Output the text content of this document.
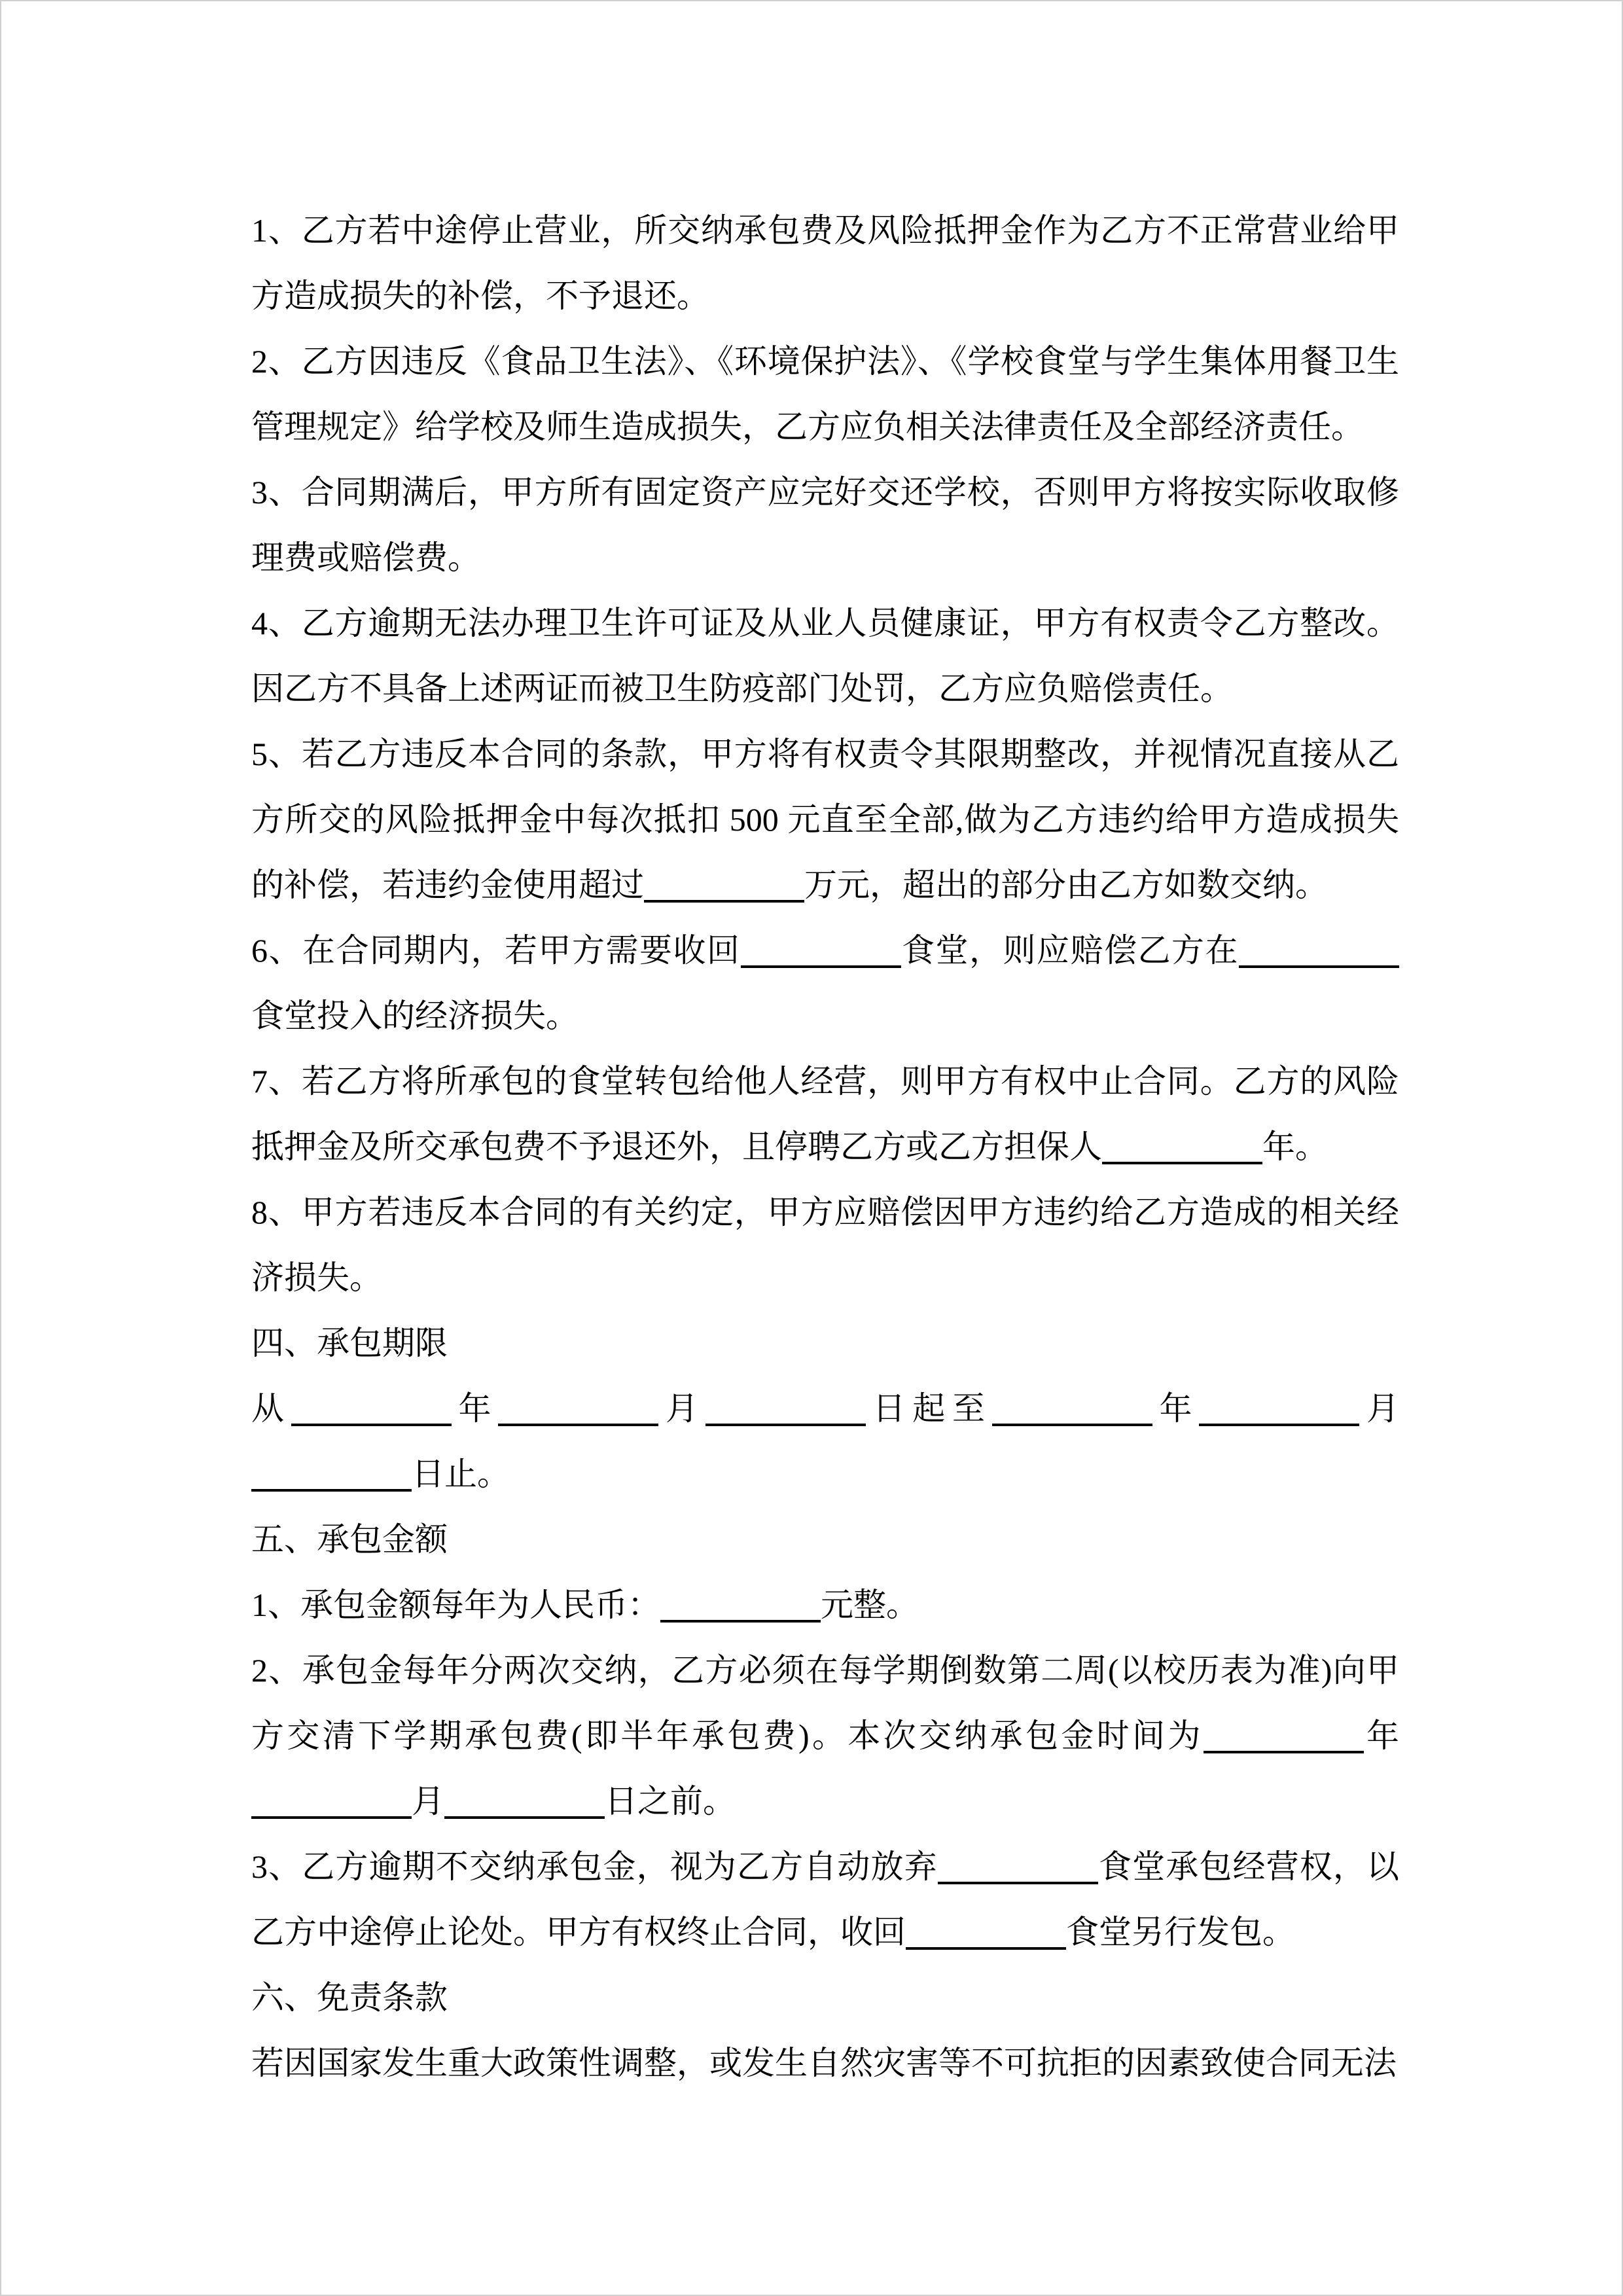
1、乙方若中途停止营业，所交纳承包费及风险抵押金作为乙方不正常营业给甲方造成损失的补偿，不予退还。

2、乙方因违反《食品卫生法》、《环境保护法》、《学校食堂与学生集体用餐卫生管理规定》给学校及师生造成损失，乙方应负相关法律责任及全部经济责任。

3、合同期满后，甲方所有固定资产应完好交还学校，否则甲方将按实际收取修理费或赔偿费。

4、乙方逾期无法办理卫生许可证及从业人员健康证，甲方有权责令乙方整改。因乙方不具备上述两证而被卫生防疫部门处罚，乙方应负赔偿责任。

5、若乙方违反本合同的条款，甲方将有权责令其限期整改，并视情况直接从乙方所交的风险抵押金中每次抵扣 500 元直至全部,做为乙方违约给甲方造成损失的补偿，若违约金使用超过	万元，超出的部分由乙方如数交纳。

6、在合同期内，若甲方需要收回	食堂，则应赔偿乙方在食堂投入的经济损失。

7、若乙方将所承包的食堂转包给他人经营，则甲方有权中止合同。乙方的风险抵押金及所交承包费不予退还外，且停聘乙方或乙方担保人	年。

8、甲方若违反本合同的有关约定，甲方应赔偿因甲方违约给乙方造成的相关经济损失。

四、承包期限

从	年	月	日起至	年	月日止。

五、承包金额

1、承包金额每年为人民币：	元整。

2、承包金每年分两次交纳，乙方必须在每学期倒数第二周(以校历表为准)向甲方交清下学期承包费(即半年承包费)。本次交纳承包金时间为	年月	日之前。

3、乙方逾期不交纳承包金，视为乙方自动放弃	食堂承包经营权，以乙方中途停止论处。甲方有权终止合同，收回	食堂另行发包。

六、免责条款

若因国家发生重大政策性调整，或发生自然灾害等不可抗拒的因素致使合同无法
